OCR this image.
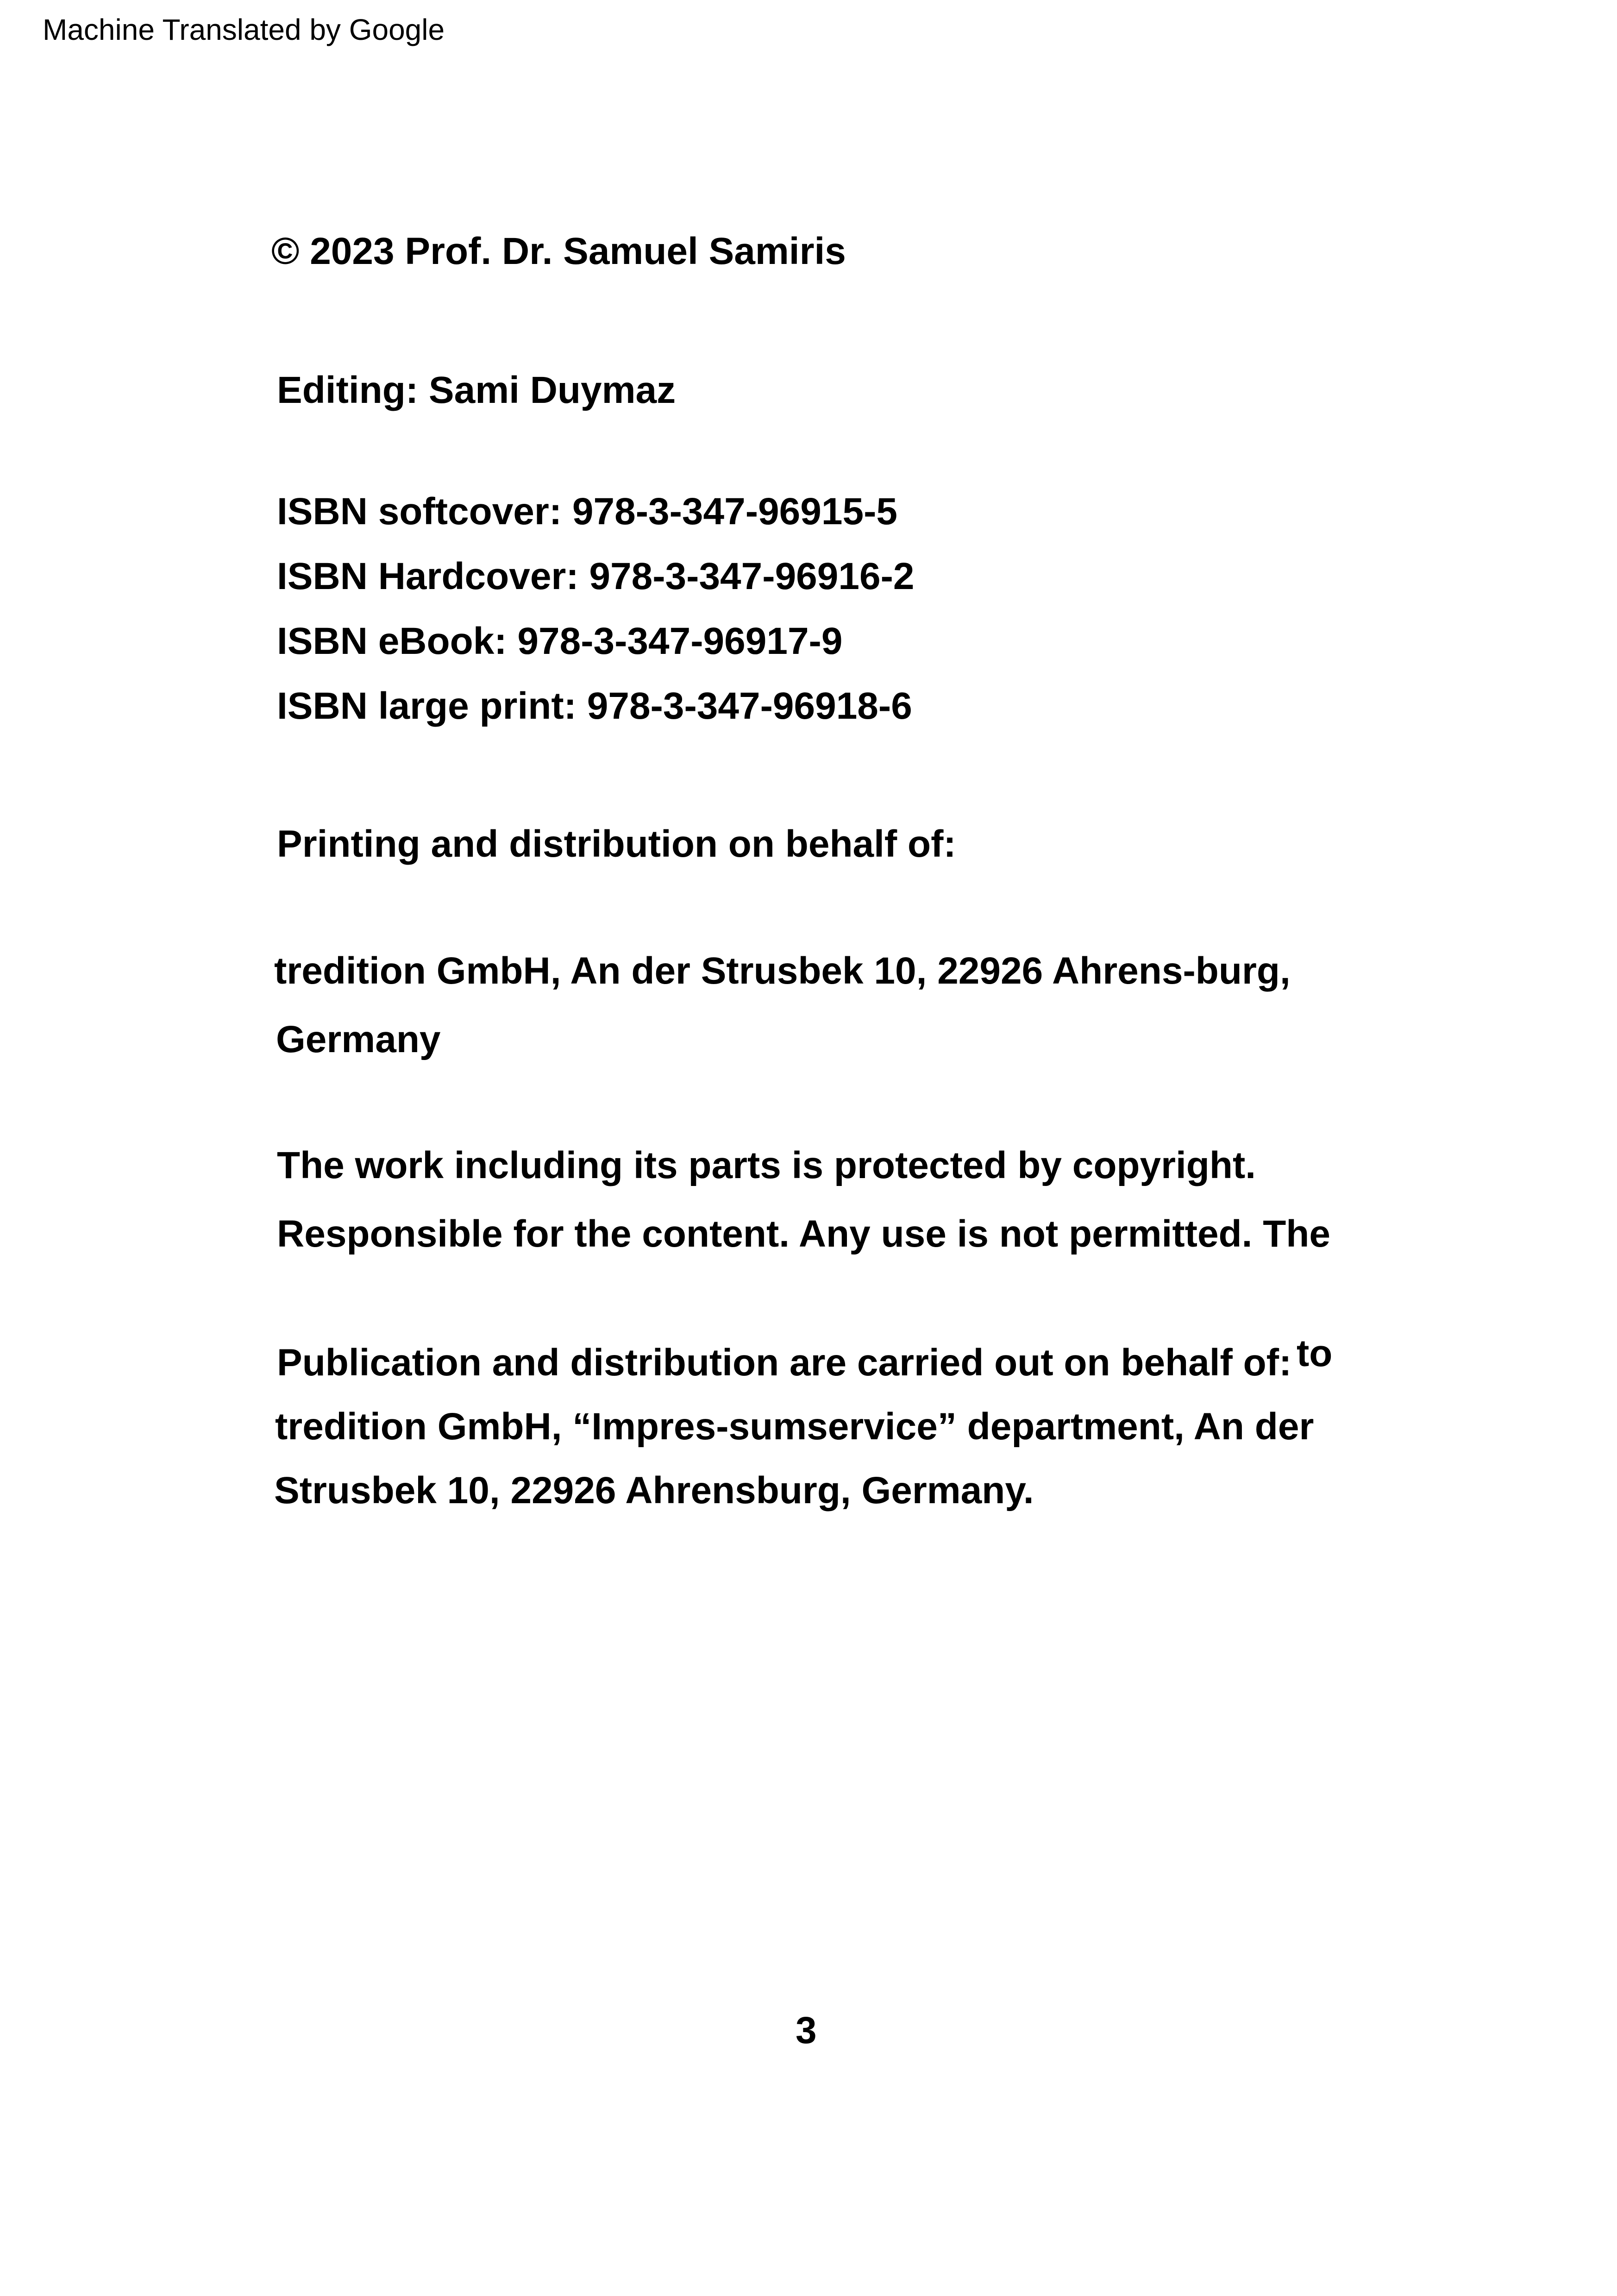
Machine Translated by Google
© 2023 Prof. Dr. Samuel Samiris
Editing: Sami Duymaz
ISBN softcover: 978-3-347-96915-5
ISBN Hardcover: 978-3-347-96916-2
ISBN eBook: 978-3-347-96917-9
ISBN large print: 978-3-347-96918-6
Printing and distribution on behalf of:
tredition GmbH, An der Strusbek 10, 22926 Ahrens-burg,
Germany
The work including its parts is protected by copyright.
Responsible for the content. Any use is not permitted. The
to
Publication and distribution are carried out on behalf of:
tredition GmbH, “Impres-sumservice” department, An der
Strusbek 10, 22926 Ahrensburg, Germany.
3
